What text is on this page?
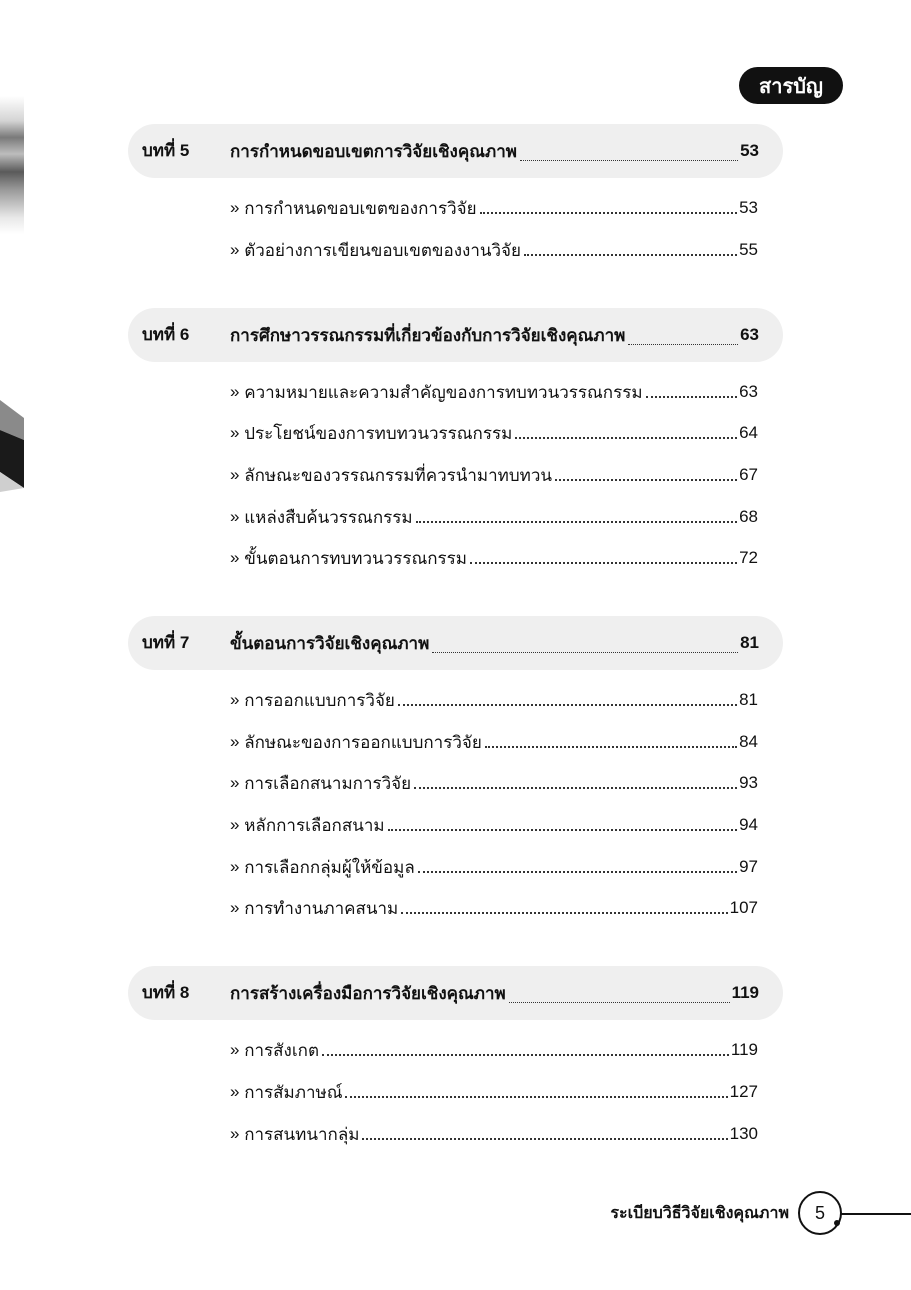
สารบัญ
บทที่ 5 การกำหนดขอบเขตการวิจัยเชิงคุณภาพ	53
»
การกำหนดขอบเขตของการวิจัย	53
»
ตัวอย่างการเขียนขอบเขตของงานวิจัย	55
บทที่ 6 การศึกษาวรรณกรรมที่เกี่ยวข้องกับการวิจัยเชิงคุณภาพ	63
»
ความหมายและความสำคัญของการทบทวนวรรณกรรม	63
»
ประโยชน์ของการทบทวนวรรณกรรม	64
»
ลักษณะของวรรณกรรมที่ควรนำมาทบทวน	67
»
แหล่งสืบค้นวรรณกรรม	68
»
ขั้นตอนการทบทวนวรรณกรรม	72
บทที่ 7 ขั้นตอนการวิจัยเชิงคุณภาพ	81
»
การออกแบบการวิจัย	81
»
ลักษณะของการออกแบบการวิจัย	84
»
การเลือกสนามการวิจัย	93
»
หลักการเลือกสนาม	94
»
การเลือกกลุ่มผู้ให้ข้อมูล	97
»
การทำงานภาคสนาม	107
บทที่ 8 การสร้างเครื่องมือการวิจัยเชิงคุณภาพ	119
»
การสังเกต	119
»
การสัมภาษณ์	127
»
การสนทนากลุ่ม	130
ระเบียบวิธีวิจัยเชิงคุณภาพ	5
